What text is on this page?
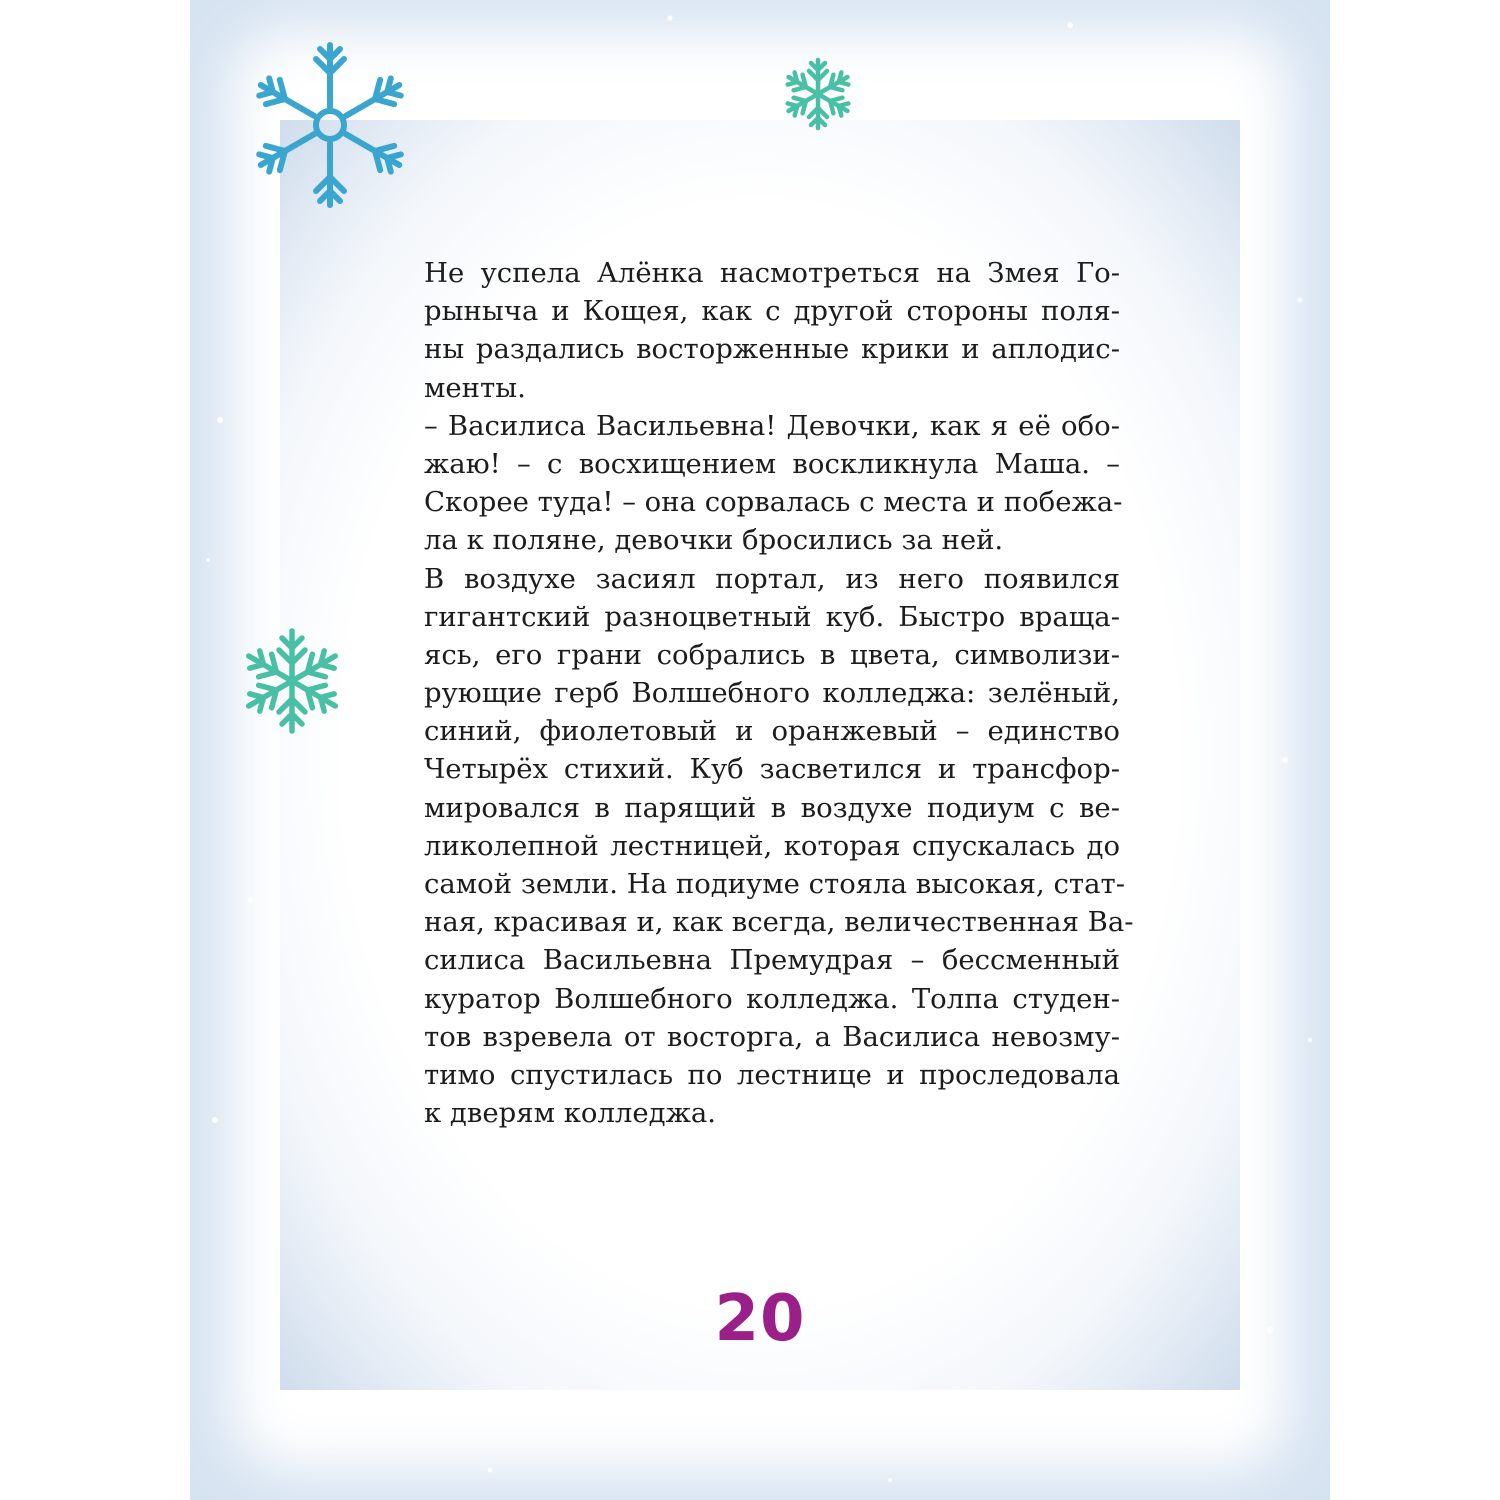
Не успела Алёнка насмотреться на Змея Го-
рыныча и Кощея, как с другой стороны поля-
ны раздались восторженные крики и аплодис-
менты.

– Василиса Васильевна! Девочки, как я её обо-
жаю! – с восхищением воскликнула Маша. –
Скорее туда! – она сорвалась с места и побежа-
ла к поляне, девочки бросились за ней.

В воздухе засиял портал, из него появился
гигантский разноцветный куб. Быстро враща-
ясь, его грани собрались в цвета, символизи-
рующие герб Волшебного колледжа: зелёный,
синий, фиолетовый и оранжевый – единство
Четырёх стихий. Куб засветился и трансфор-
мировался в парящий в воздухе подиум с ве-
ликолепной лестницей, которая спускалась до
самой земли. На подиуме стояла высокая, стат-
ная, красивая и, как всегда, величественная Ва-
силиса Васильевна Премудрая – бессменный
куратор Волшебного колледжа. Толпа студен-
тов взревела от восторга, а Василиса невозму-
тимо спустилась по лестнице и проследовала
к дверям колледжа.

20
